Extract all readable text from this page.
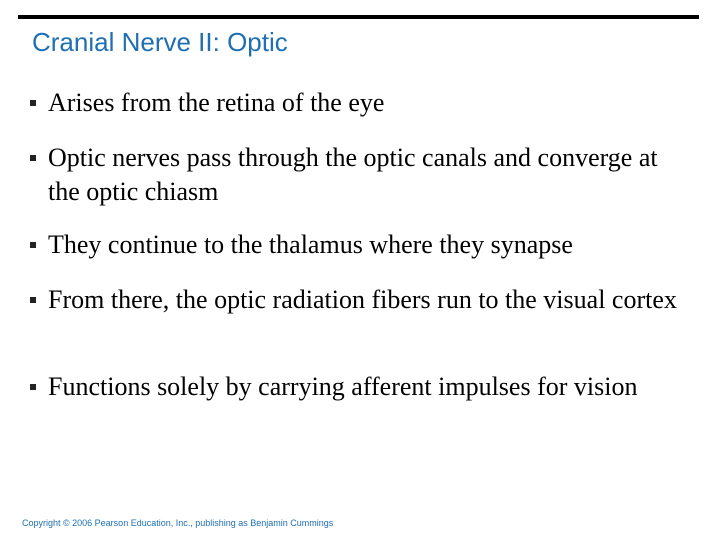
Cranial Nerve II: Optic
Arises from the retina of the eye
Optic nerves pass through the optic canals and converge at the optic chiasm
They continue to the thalamus where they synapse
From there, the optic radiation fibers run to the visual cortex
Functions solely by carrying afferent impulses for vision
Copyright © 2006 Pearson Education, Inc., publishing as Benjamin Cummings
